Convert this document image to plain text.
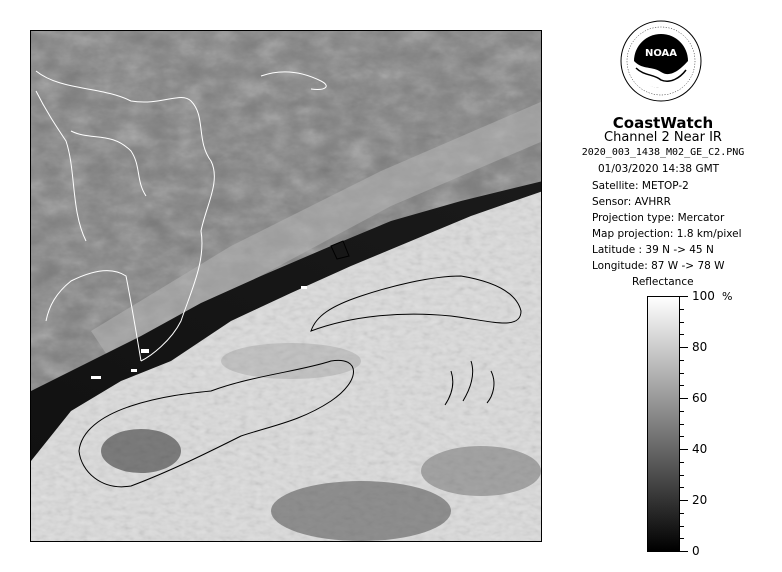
NOAA
CoastWatch
Channel 2 Near IR
2020_003_1438_M02_GE_C2.PNG
01/03/2020 14:38 GMT
Satellite: METOP-2
Sensor: AVHRR
Projection type: Mercator
Map projection: 1.8 km/pixel
Latitude : 39 N -> 45 N
Longitude: 87 W -> 78 W
Reflectance
100
80
60
40
20
0
%
